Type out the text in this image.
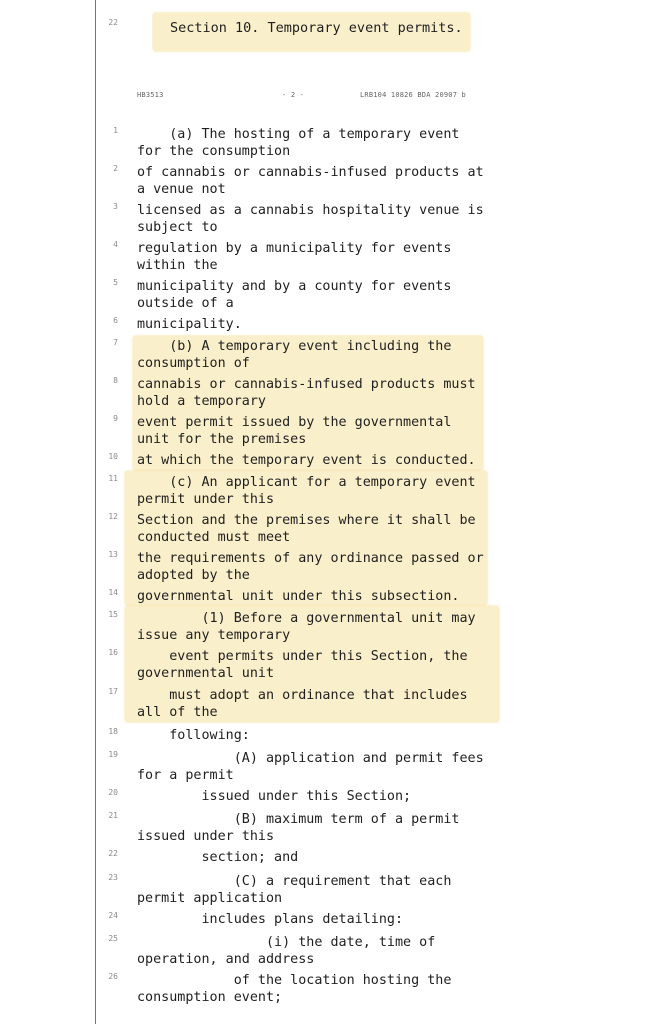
22	Section 10. Temporary event permits.
HB3513	- 2 -	LRB104 10826 BDA 20907 b
1 (a) The hosting of a temporary event
for the consumption
2 of cannabis or cannabis-infused products at
a venue not
3 licensed as a cannabis hospitality venue is
subject to
4 regulation by a municipality for events
within the
5 municipality and by a county for events
outside of a
6 municipality.
7 (b) A temporary event including the
consumption of
8 cannabis or cannabis-infused products must
hold a temporary
9 event permit issued by the governmental
unit for the premises
10 at which the temporary event is conducted.
11 (c) An applicant for a temporary event
permit under this
12 Section and the premises where it shall be
conducted must meet
13 the requirements of any ordinance passed or
adopted by the
14 governmental unit under this subsection.
15 (1) Before a governmental unit may
issue any temporary
16 event permits under this Section, the
governmental unit
17 must adopt an ordinance that includes
all of the
18 following:
19 (A) application and permit fees
for a permit
20 issued under this Section;
21 (B) maximum term of a permit
issued under this
22 section; and
23 (C) a requirement that each
permit application
24 includes plans detailing:
25 (i) the date, time of
operation, and address
26 of the location hosting the
consumption event;
